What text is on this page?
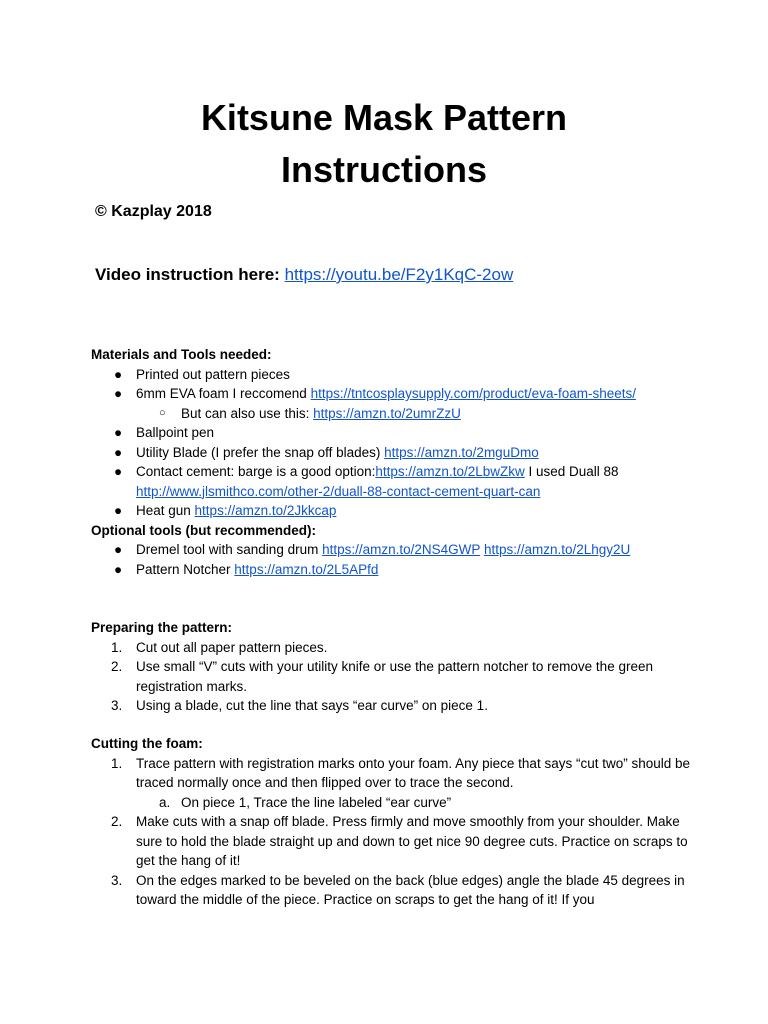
Kitsune Mask Pattern
Instructions
© Kazplay 2018
Video instruction here: https://youtu.be/F2y1KqC-2ow
Materials and Tools needed:
● Printed out pattern pieces
● 6mm EVA foam I reccomend https://tntcosplaysupply.com/product/eva-foam-sheets/
○ But can also use this: https://amzn.to/2umrZzU
● Ballpoint pen
● Utility Blade (I prefer the snap off blades) https://amzn.to/2mguDmo
● Contact cement: barge is a good option:https://amzn.to/2LbwZkw I used Duall 88
http://www.jlsmithco.com/other-2/duall-88-contact-cement-quart-can
● Heat gun https://amzn.to/2Jkkcap
Optional tools (but recommended):
● Dremel tool with sanding drum https://amzn.to/2NS4GWP https://amzn.to/2Lhgy2U
● Pattern Notcher https://amzn.to/2L5APfd
Preparing the pattern:
1. Cut out all paper pattern pieces.
2. Use small “V” cuts with your utility knife or use the pattern notcher to remove the green registration marks.
3. Using a blade, cut the line that says “ear curve” on piece 1.
Cutting the foam:
1. Trace pattern with registration marks onto your foam. Any piece that says “cut two” should be traced normally once and then flipped over to trace the second.
a. On piece 1, Trace the line labeled “ear curve”
2. Make cuts with a snap off blade. Press firmly and move smoothly from your shoulder. Make sure to hold the blade straight up and down to get nice 90 degree cuts. Practice on scraps to get the hang of it!
3. On the edges marked to be beveled on the back (blue edges) angle the blade 45 degrees in toward the middle of the piece. Practice on scraps to get the hang of it! If you
